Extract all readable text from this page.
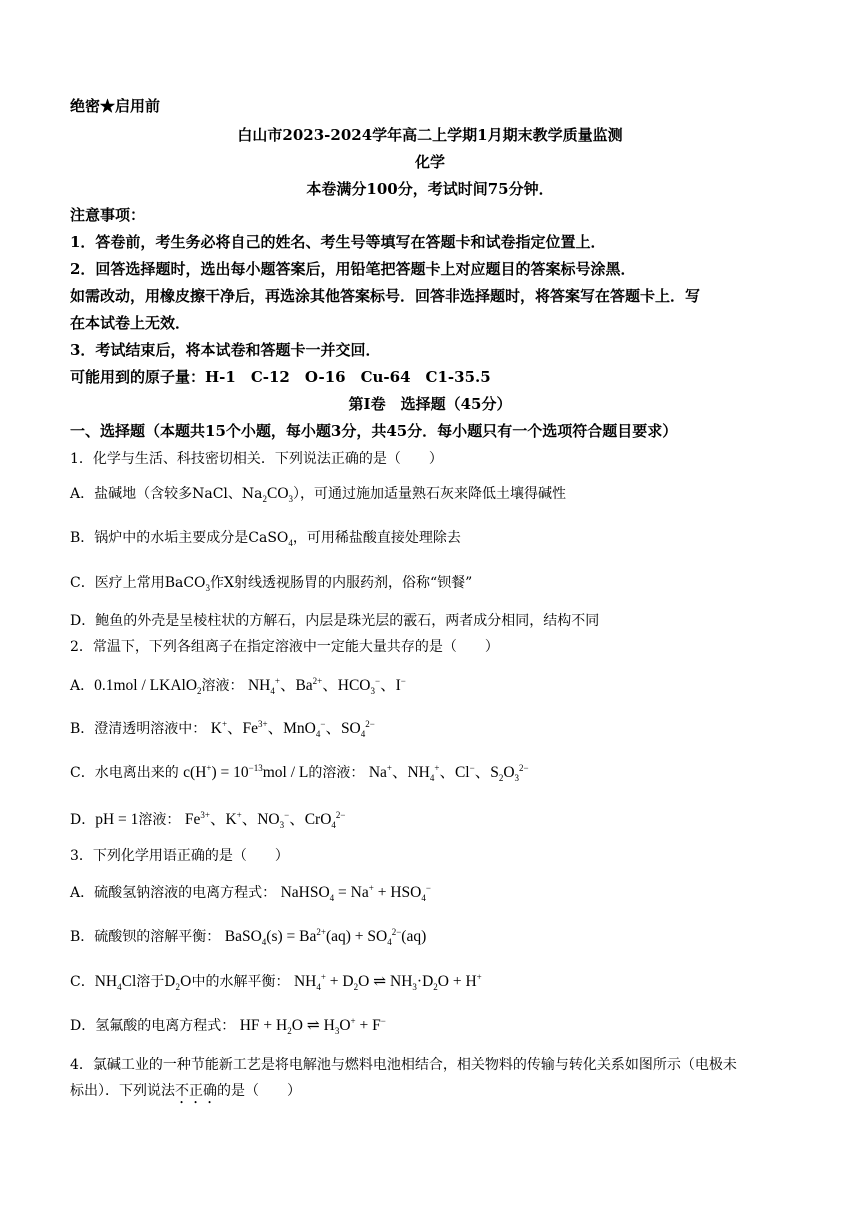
绝密★启用前
白山市2023-2024学年高二上学期1月期末教学质量监测
化学
本卷满分100分，考试时间75分钟．
注意事项：
1．答卷前，考生务必将自己的姓名、考生号等填写在答题卡和试卷指定位置上．
2．回答选择题时，选出每小题答案后，用铅笔把答题卡上对应题目的答案标号涂黑．
如需改动，用橡皮擦干净后，再选涂其他答案标号．回答非选择题时，将答案写在答题卡上．写
在本试卷上无效．
3．考试结束后，将本试卷和答题卡一并交回．
可能用到的原子量：H-1　C-12　O-16　Cu-64　C1-35.5
第Ⅰ卷　选择题（45分）
一、选择题（本题共15个小题，每小题3分，共45分．每小题只有一个选项符合题目要求）
1．化学与生活、科技密切相关．下列说法正确的是（　　）
A．盐碱地（含较多NaCl、$Na_2CO_3$），可通过施加适量熟石灰来降低土壤得碱性
B．锅炉中的水垢主要成分是CaSO$_4$，可用稀盐酸直接处理除去
C．医疗上常用BaCO$_3$作X射线透视肠胃的内服药剂，俗称“钡餐”
D．鲍鱼的外壳是呈棱柱状的方解石，内层是珠光层的霰石，两者成分相同，结构不同
2．常温下，下列各组离子在指定溶液中一定能大量共存的是（　　）
A．0.1mol / LKAlO$_2$溶液： $NH_4^+$、$Ba^{2+}$、$HCO_3^-$、I−
B．澄清透明溶液中： K+、$Fe^{3+}$、MnO$_4$−、$SO_4^{2-}$
C．水电离出来的 $c(H^+) = 10^{-13}mol / L$的溶液： Na+、$NH_4^+$、Cl−、$S_2O_3^{2-}$
D．pH = 1溶液： $Fe^{3+}$、K+、$NO_3^-$、CrO$_4^{2-}$
3．下列化学用语正确的是（　　）
A．硫酸氢钠溶液的电离方程式： NaHSO$_4$ = $Na^+ + HSO_4^-$
B．硫酸钡的溶解平衡： BaSO$_4$(s) = $Ba^{2+}(aq) + SO_4^{2-}(aq)$
C．$NH_4Cl$溶于$D_2O$中的水解平衡： $NH_4^+ + D_2O$ ⇌ $NH_3\cdot D_2O + H^+$
D．氢氟酸的电离方程式： HF + $H_2O$ ⇌ $H_3O^+ + F^-$
4．氯碱工业的一种节能新工艺是将电解池与燃料电池相结合，相关物料的传输与转化关系如图所示（电极未
标出）．下列说法不正确的是（　　）
